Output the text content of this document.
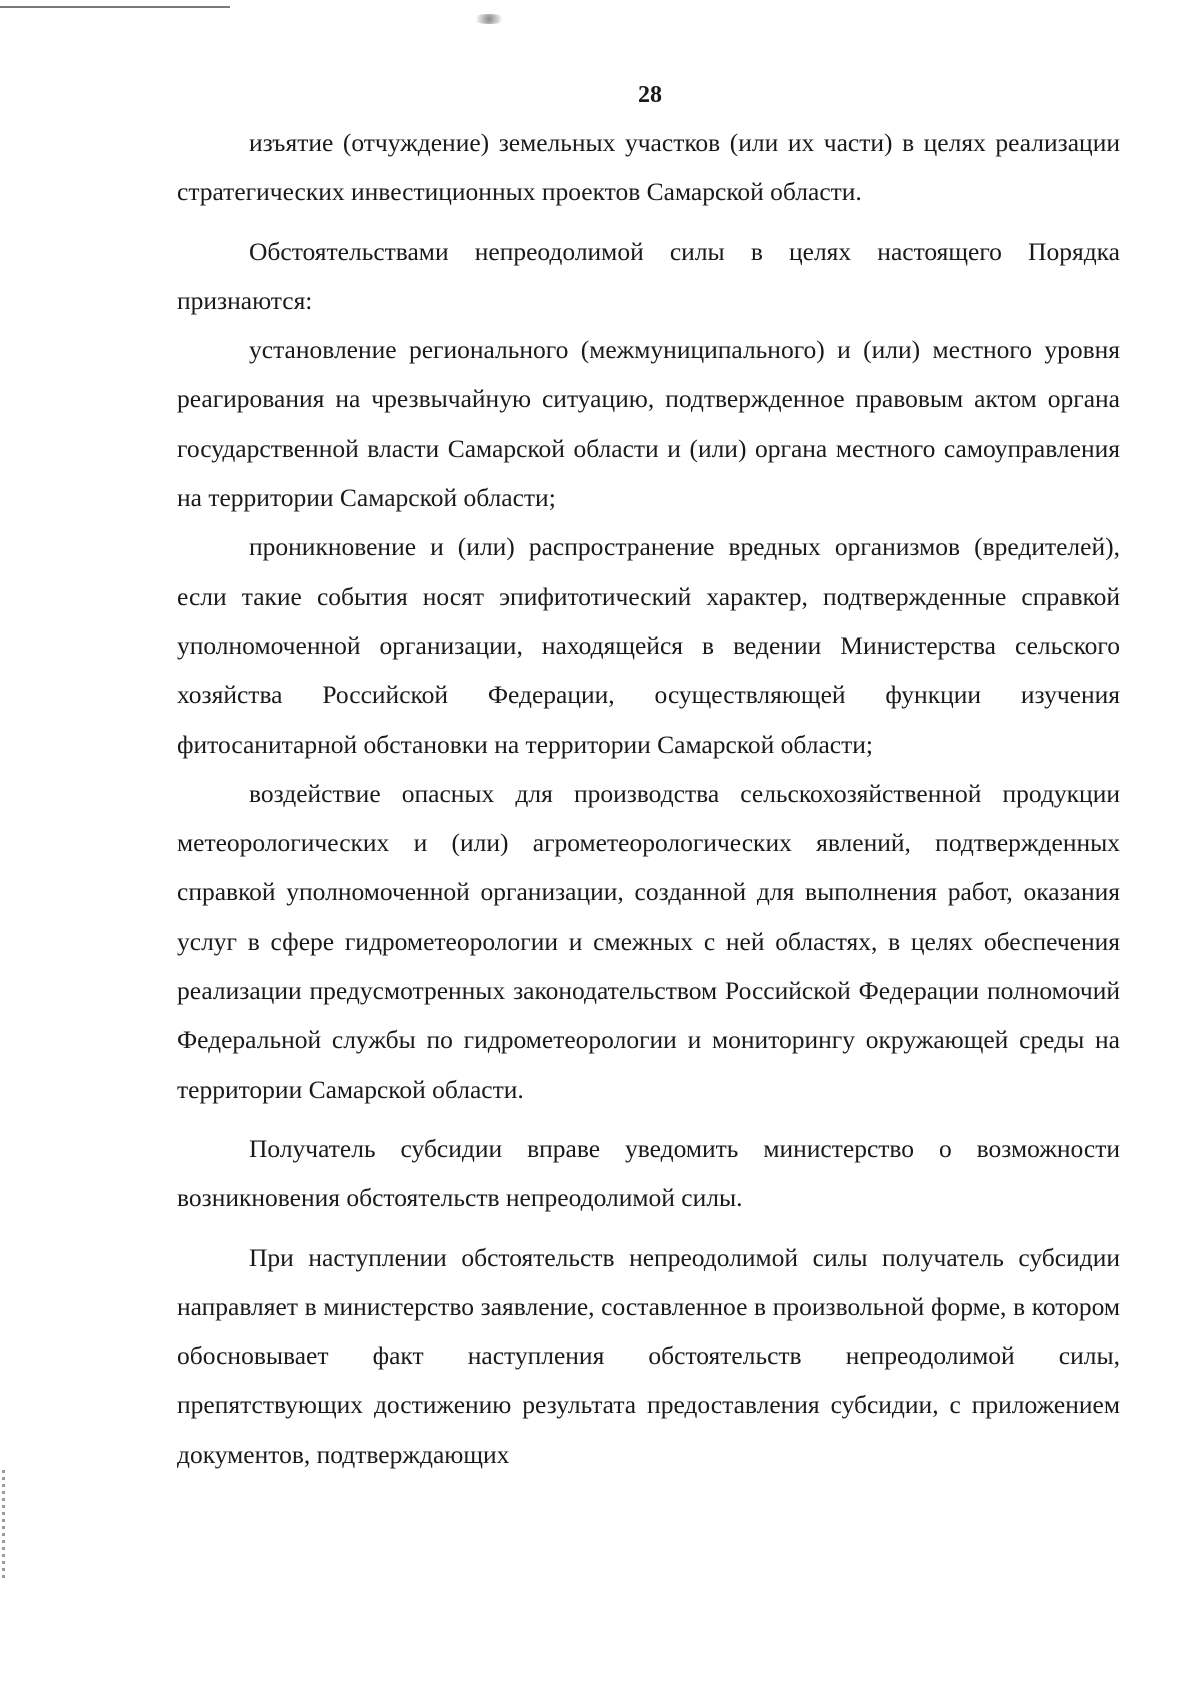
28

изъятие (отчуждение) земельных участков (или их части) в целях реализации стратегических инвестиционных проектов Самарской области.

Обстоятельствами непреодолимой силы в целях настоящего Порядка признаются:

установление регионального (межмуниципального) и (или) местного уровня реагирования на чрезвычайную ситуацию, подтвержденное правовым актом органа государственной власти Самарской области и (или) органа местного самоуправления на территории Самарской области;

проникновение и (или) распространение вредных организмов (вредителей), если такие события носят эпифитотический характер, подтвержденные справкой уполномоченной организации, находящейся в ведении Министерства сельского хозяйства Российской Федерации, осуществляющей функции изучения фитосанитарной обстановки на территории Самарской области;

воздействие опасных для производства сельскохозяйственной продукции метеорологических и (или) агрометеорологических явлений, подтвержденных справкой уполномоченной организации, созданной для выполнения работ, оказания услуг в сфере гидрометеорологии и смежных с ней областях, в целях обеспечения реализации предусмотренных законодательством Российской Федерации полномочий Федеральной службы по гидрометеорологии и мониторингу окружающей среды на территории Самарской области.

Получатель субсидии вправе уведомить министерство о возможности возникновения обстоятельств непреодолимой силы.

При наступлении обстоятельств непреодолимой силы получатель субсидии направляет в министерство заявление, составленное в произвольной форме, в котором обосновывает факт наступления обстоятельств непреодолимой силы, препятствующих достижению результата предоставления субсидии, с приложением документов, подтверждающих
